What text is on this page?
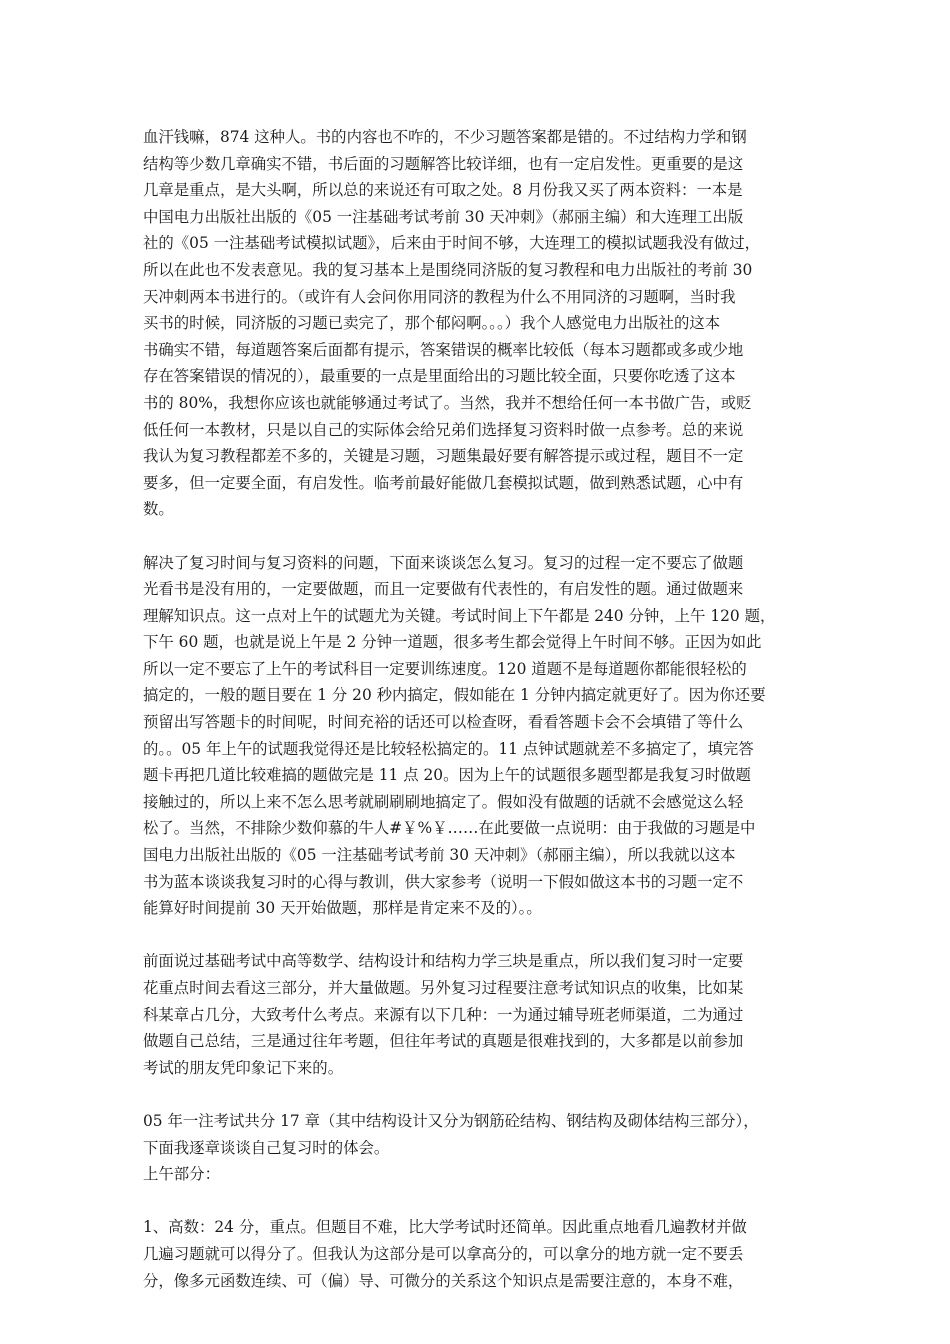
血汗钱嘛，874 这种人。书的内容也不咋的，不少习题答案都是错的。不过结构力学和钢
结构等少数几章确实不错，书后面的习题解答比较详细，也有一定启发性。更重要的是这
几章是重点，是大头啊，所以总的来说还有可取之处。8 月份我又买了两本资料：一本是
中国电力出版社出版的《05 一注基础考试考前 30 天冲刺》（郝丽主编）和大连理工出版
社的《05 一注基础考试模拟试题》，后来由于时间不够，大连理工的模拟试题我没有做过，
所以在此也不发表意见。我的复习基本上是围绕同济版的复习教程和电力出版社的考前 30
天冲刺两本书进行的。（或许有人会问你用同济的教程为什么不用同济的习题啊，当时我
买书的时候，同济版的习题已卖完了，那个郁闷啊。。。）我个人感觉电力出版社的这本
书确实不错，每道题答案后面都有提示，答案错误的概率比较低（每本习题都或多或少地
存在答案错误的情况的），最重要的一点是里面给出的习题比较全面，只要你吃透了这本
书的 80%，我想你应该也就能够通过考试了。当然，我并不想给任何一本书做广告，或贬
低任何一本教材，只是以自己的实际体会给兄弟们选择复习资料时做一点参考。总的来说
我认为复习教程都差不多的，关键是习题，习题集最好要有解答提示或过程，题目不一定
要多，但一定要全面，有启发性。临考前最好能做几套模拟试题，做到熟悉试题，心中有
数。

解决了复习时间与复习资料的问题，下面来谈谈怎么复习。复习的过程一定不要忘了做题
光看书是没有用的，一定要做题，而且一定要做有代表性的，有启发性的题。通过做题来
理解知识点。这一点对上午的试题尤为关键。考试时间上下午都是 240 分钟，上午 120 题，
下午 60 题，也就是说上午是 2 分钟一道题，很多考生都会觉得上午时间不够。正因为如此
所以一定不要忘了上午的考试科目一定要训练速度。120 道题不是每道题你都能很轻松的
搞定的，一般的题目要在 1 分 20 秒内搞定，假如能在 1 分钟内搞定就更好了。因为你还要
预留出写答题卡的时间呢，时间充裕的话还可以检查呀，看看答题卡会不会填错了等什么
的。。05 年上午的试题我觉得还是比较轻松搞定的。11 点钟试题就差不多搞定了，填完答
题卡再把几道比较难搞的题做完是 11 点 20。因为上午的试题很多题型都是我复习时做题
接触过的，所以上来不怎么思考就刷刷刷地搞定了。假如没有做题的话就不会感觉这么轻
松了。当然，不排除少数仰慕的牛人#￥%￥……在此要做一点说明：由于我做的习题是中
国电力出版社出版的《05 一注基础考试考前 30 天冲刺》（郝丽主编），所以我就以这本
书为蓝本谈谈我复习时的心得与教训，供大家参考（说明一下假如做这本书的习题一定不
能算好时间提前 30 天开始做题，那样是肯定来不及的）。。

前面说过基础考试中高等数学、结构设计和结构力学三块是重点，所以我们复习时一定要
花重点时间去看这三部分，并大量做题。另外复习过程要注意考试知识点的收集，比如某
科某章占几分，大致考什么考点。来源有以下几种：一为通过辅导班老师渠道，二为通过
做题自己总结，三是通过往年考题，但往年考试的真题是很难找到的，大多都是以前参加
考试的朋友凭印象记下来的。

05 年一注考试共分 17 章（其中结构设计又分为钢筋砼结构、钢结构及砌体结构三部分），
下面我逐章谈谈自己复习时的体会。
上午部分：

1、高数：24 分，重点。但题目不难，比大学考试时还简单。因此重点地看几遍教材并做
几遍习题就可以得分了。但我认为这部分是可以拿高分的，可以拿分的地方就一定不要丢
分，像多元函数连续、可（偏）导、可微分的关系这个知识点是需要注意的，本身不难，
